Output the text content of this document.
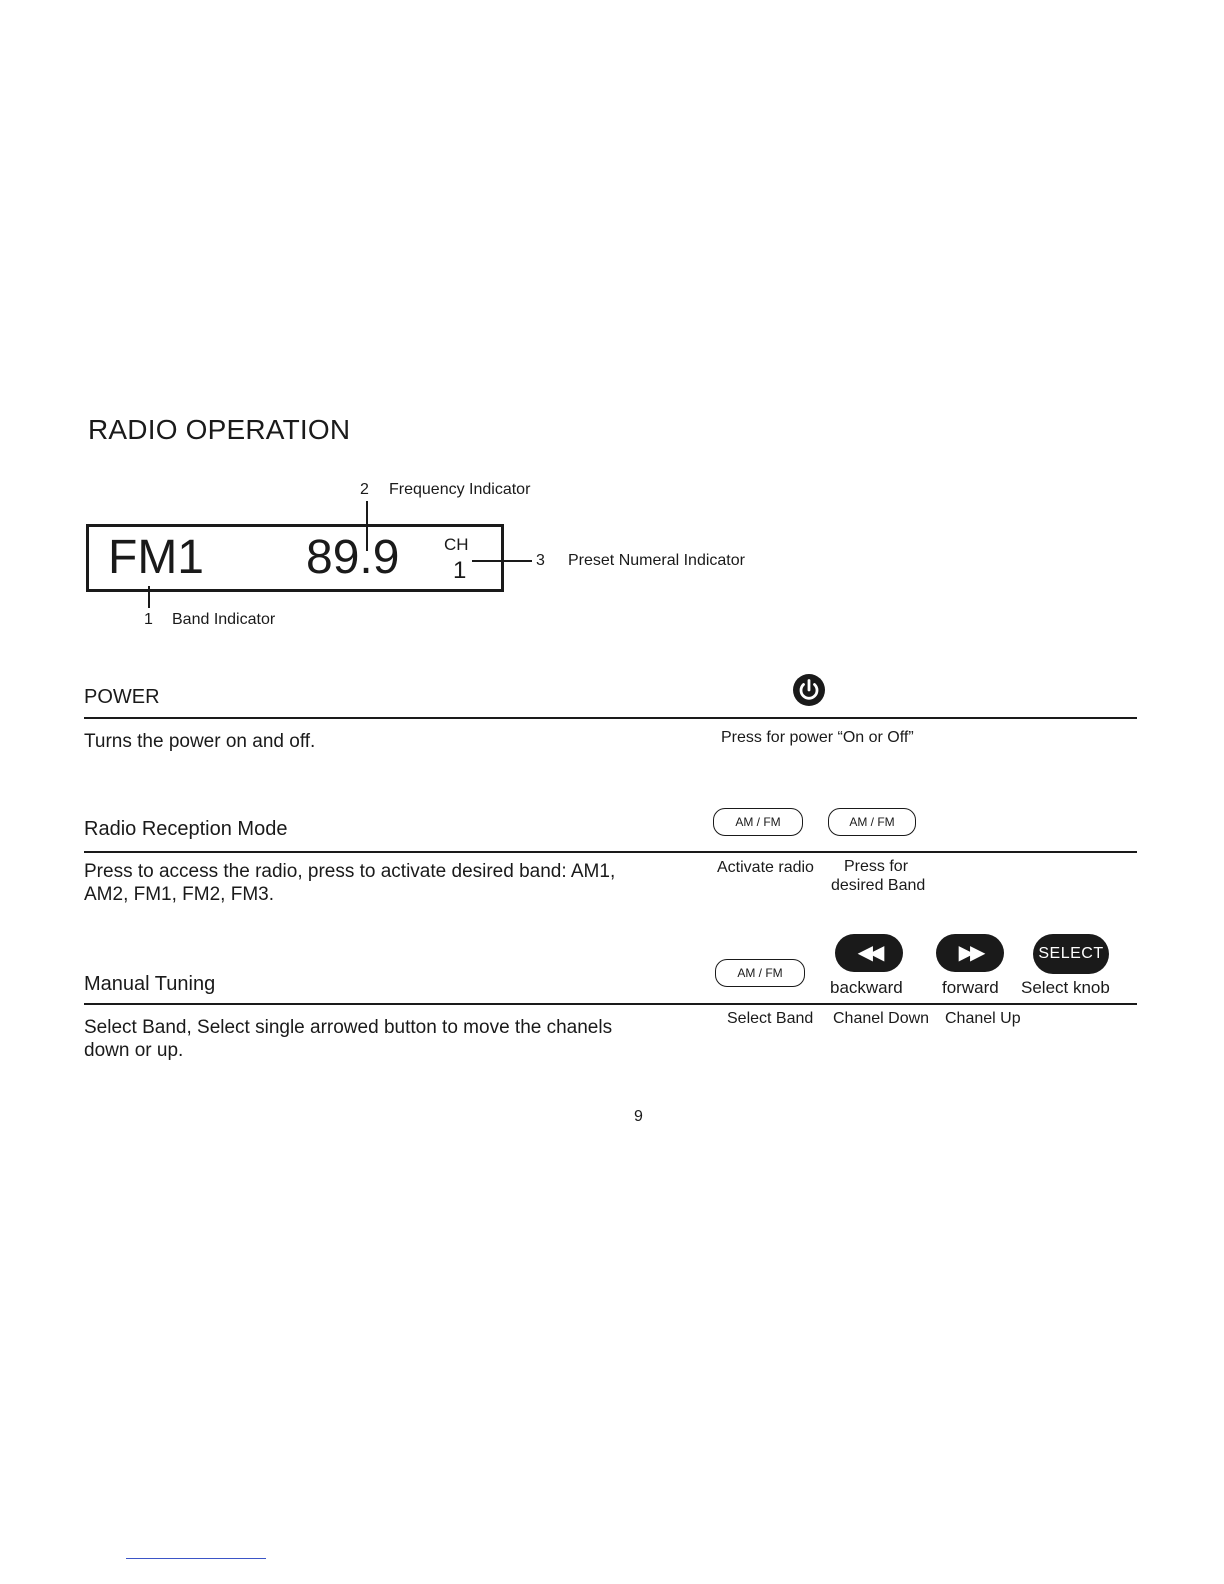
RADIO OPERATION
2 Frequency Indicator
FM1 89.9	CH
1	3 Preset Numeral Indicator
1 Band Indicator
POWER
Turns the power on and off.	Press for power “On or Off”
Radio Reception Mode	AM / FM	AM / FM
Press to access the radio, press to activate desired band: AM1,
AM2, FM1, FM2, FM3.
Activate radio Press for
desired Band
◀◀	▶▶	SELECT
Manual Tuning	AM / FM
backward forward Select knob
Select Band, Select single arrowed button to move the chanels
down or up.
Select Band Chanel Down Chanel Up
9
